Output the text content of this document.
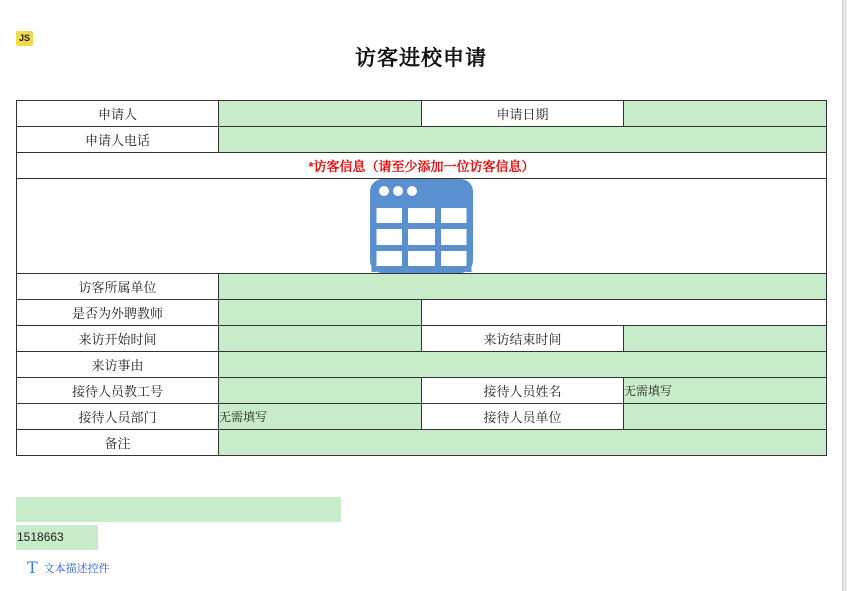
JS
访客进校申请
申请人		申请日期	
申请人电话			
*访客信息（请至少添加一位访客信息）			

访客所属单位			
是否为外聘教师			
来访开始时间		来访结束时间	
来访事由			
接待人员教工号		接待人员姓名	无需填写
接待人员部门	无需填写	接待人员单位	
备注			
1518663
T 文本描述控件
